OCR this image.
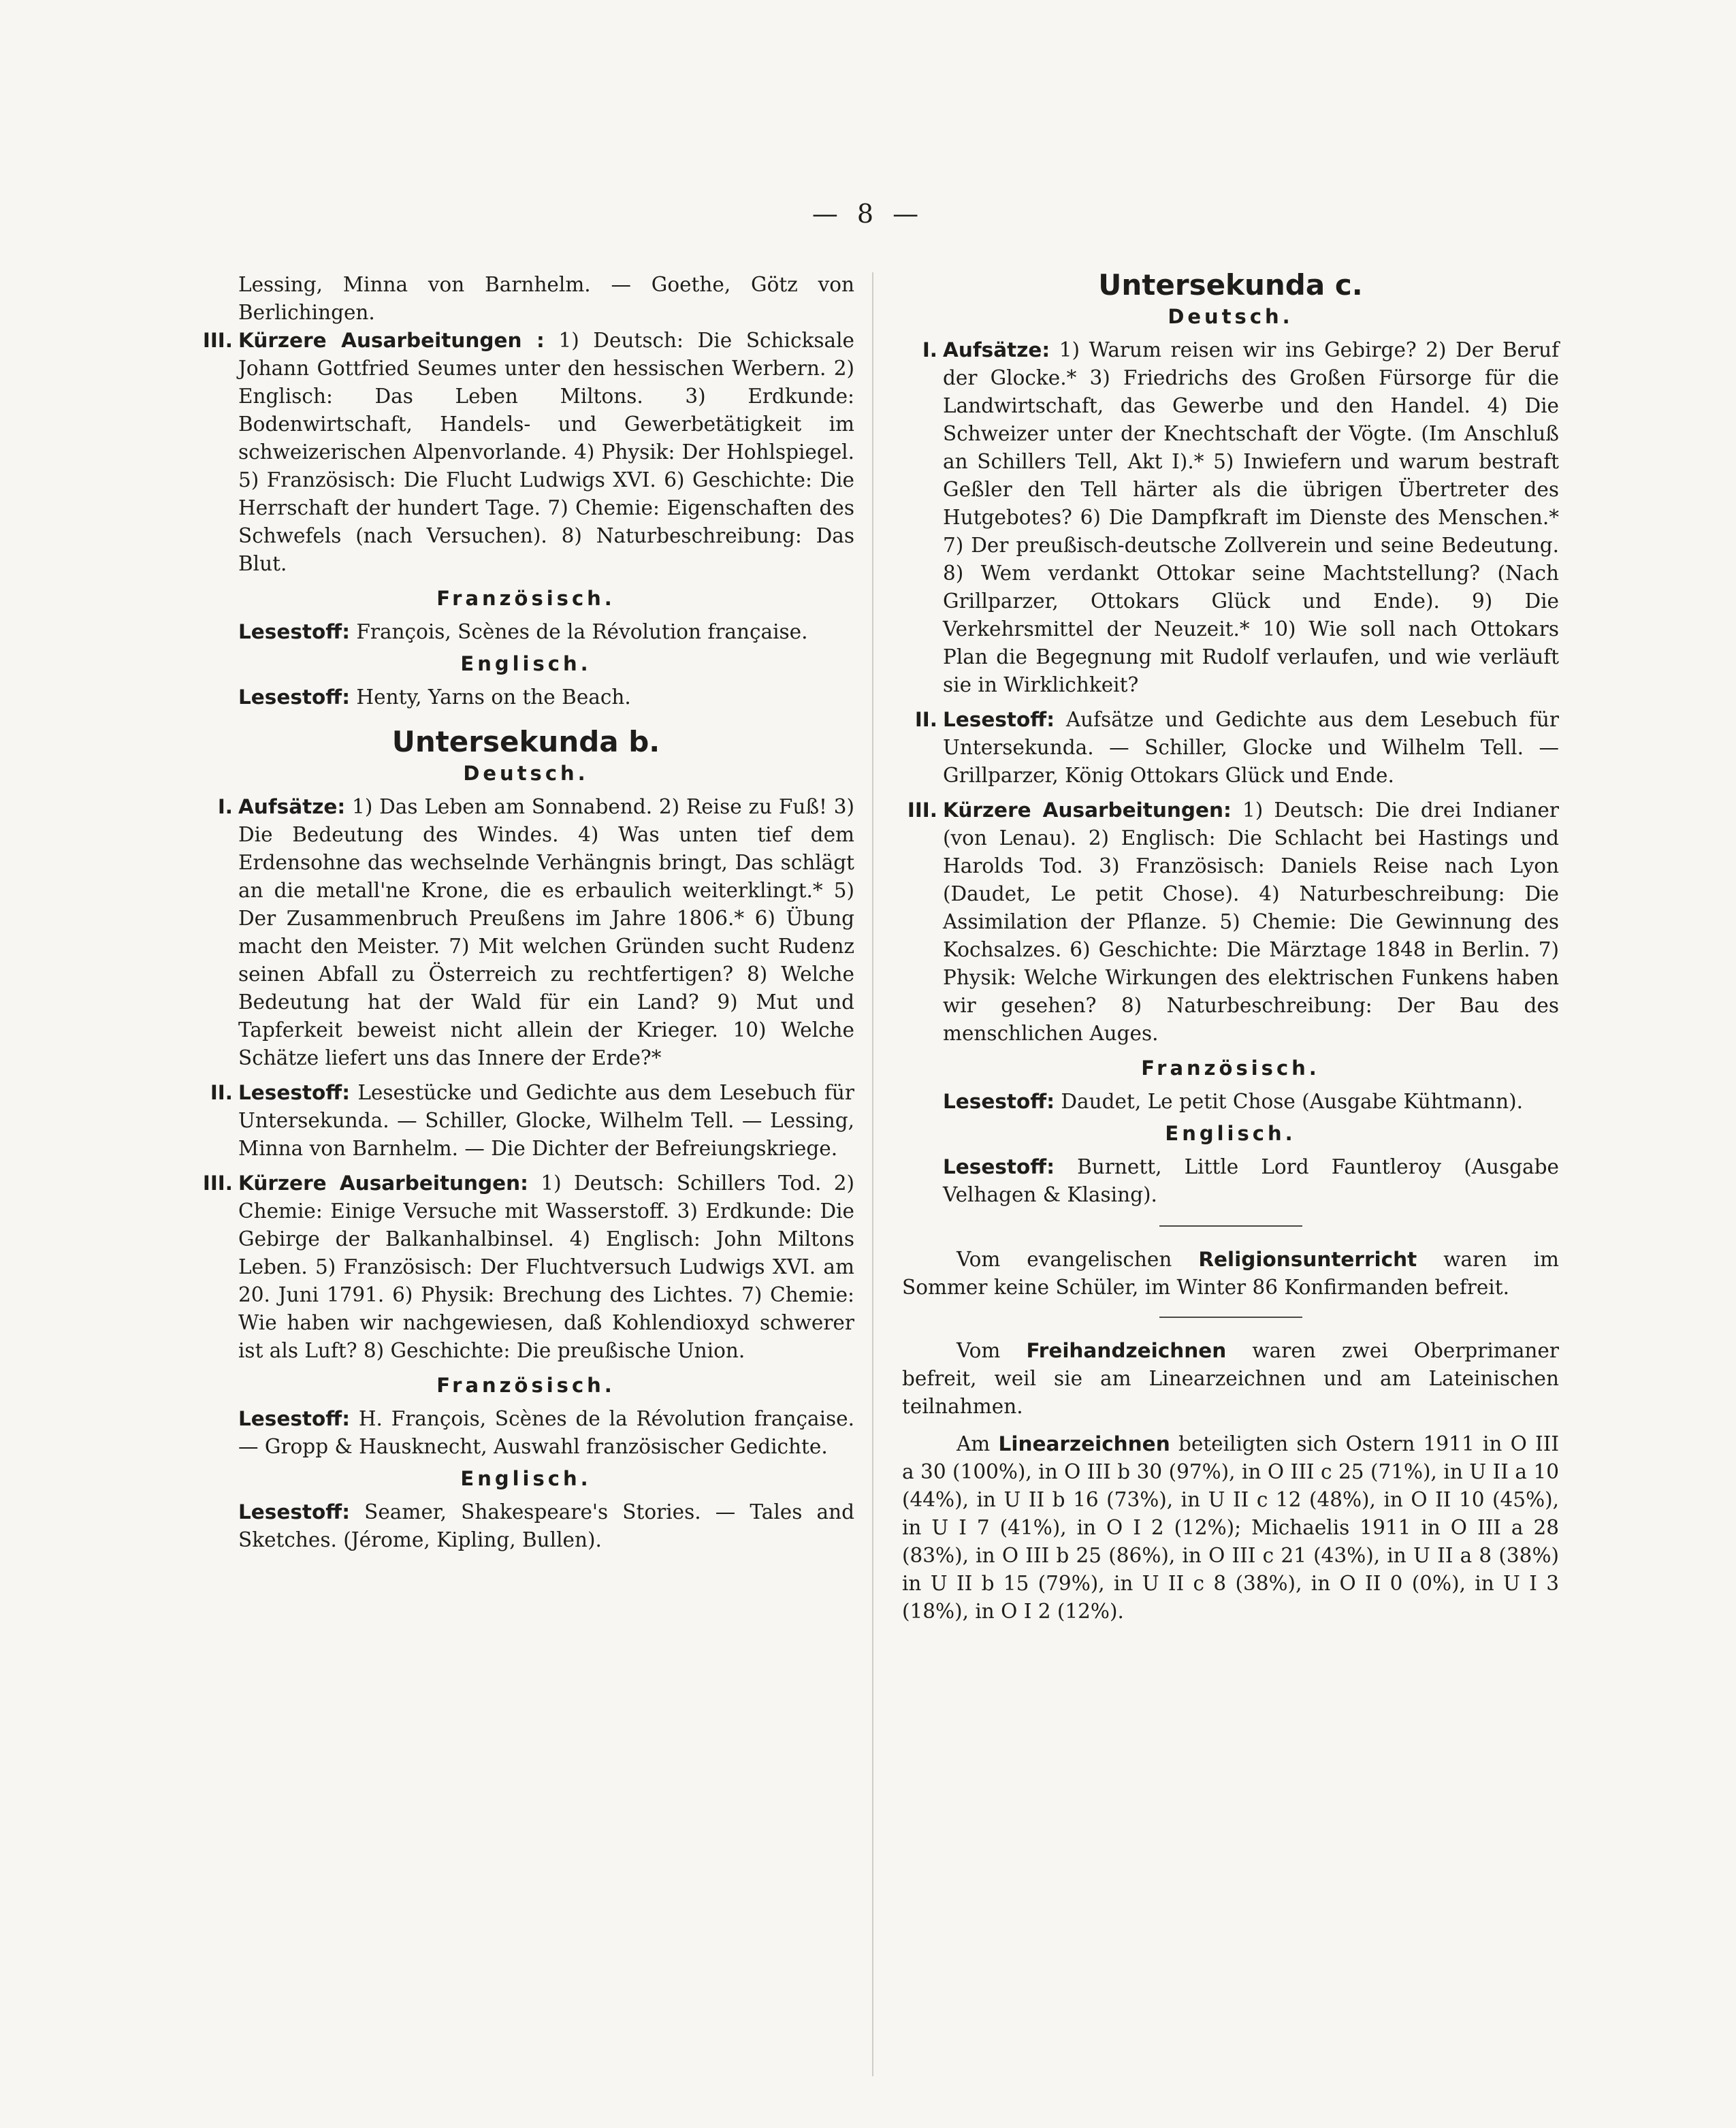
— 8 —

Lessing, Minna von Barnhelm. — Goethe, Götz von Berlichingen.

III. Kürzere Ausarbeitungen : 1) Deutsch: Die Schicksale Johann Gottfried Seumes unter den hessischen Werbern. 2) Englisch: Das Leben Miltons. 3) Erdkunde: Bodenwirtschaft, Handels- und Gewerbetätigkeit im schweizerischen Alpenvorlande. 4) Physik: Der Hohlspiegel. 5) Französisch: Die Flucht Ludwigs XVI. 6) Geschichte: Die Herrschaft der hundert Tage. 7) Chemie: Eigenschaften des Schwefels (nach Versuchen). 8) Naturbeschreibung: Das Blut.

Französisch.

Lesestoff: François, Scènes de la Révolution française.

Englisch.

Lesestoff: Henty, Yarns on the Beach.

Untersekunda b.
Deutsch.
I. Aufsätze: 1) Das Leben am Sonnabend. 2) Reise zu Fuß! 3) Die Bedeutung des Windes. 4) Was unten tief dem Erdensohne das wechselnde Verhängnis bringt, Das schlägt an die metall'ne Krone, die es erbaulich weiterklingt.* 5) Der Zusammenbruch Preußens im Jahre 1806.* 6) Übung macht den Meister. 7) Mit welchen Gründen sucht Rudenz seinen Abfall zu Österreich zu rechtfertigen? 8) Welche Bedeutung hat der Wald für ein Land? 9) Mut und Tapferkeit beweist nicht allein der Krieger. 10) Welche Schätze liefert uns das Innere der Erde?*

II. Lesestoff: Lesestücke und Gedichte aus dem Lesebuch für Untersekunda. — Schiller, Glocke, Wilhelm Tell. — Lessing, Minna von Barnhelm. — Die Dichter der Befreiungskriege.

III. Kürzere Ausarbeitungen: 1) Deutsch: Schillers Tod. 2) Chemie: Einige Versuche mit Wasserstoff. 3) Erdkunde: Die Gebirge der Balkanhalbinsel. 4) Englisch: John Miltons Leben. 5) Französisch: Der Fluchtversuch Ludwigs XVI. am 20. Juni 1791. 6) Physik: Brechung des Lichtes. 7) Chemie: Wie haben wir nachgewiesen, daß Kohlendioxyd schwerer ist als Luft? 8) Geschichte: Die preußische Union.

Französisch.

Lesestoff: H. François, Scènes de la Révolution française. — Gropp & Hausknecht, Auswahl französischer Gedichte.

Englisch.

Lesestoff: Seamer, Shakespeare's Stories. — Tales and Sketches. (Jérome, Kipling, Bullen).

Untersekunda c.
Deutsch.
I. Aufsätze: 1) Warum reisen wir ins Gebirge? 2) Der Beruf der Glocke.* 3) Friedrichs des Großen Fürsorge für die Landwirtschaft, das Gewerbe und den Handel. 4) Die Schweizer unter der Knechtschaft der Vögte. (Im Anschluß an Schillers Tell, Akt I).* 5) Inwiefern und warum bestraft Geßler den Tell härter als die übrigen Übertreter des Hutgebotes? 6) Die Dampfkraft im Dienste des Menschen.* 7) Der preußisch-deutsche Zollverein und seine Bedeutung. 8) Wem verdankt Ottokar seine Machtstellung? (Nach Grillparzer, Ottokars Glück und Ende). 9) Die Verkehrsmittel der Neuzeit.* 10) Wie soll nach Ottokars Plan die Begegnung mit Rudolf verlaufen, und wie verläuft sie in Wirklichkeit?

II. Lesestoff: Aufsätze und Gedichte aus dem Lesebuch für Untersekunda. — Schiller, Glocke und Wilhelm Tell. — Grillparzer, König Ottokars Glück und Ende.

III. Kürzere Ausarbeitungen: 1) Deutsch: Die drei Indianer (von Lenau). 2) Englisch: Die Schlacht bei Hastings und Harolds Tod. 3) Französisch: Daniels Reise nach Lyon (Daudet, Le petit Chose). 4) Naturbeschreibung: Die Assimilation der Pflanze. 5) Chemie: Die Gewinnung des Kochsalzes. 6) Geschichte: Die Märztage 1848 in Berlin. 7) Physik: Welche Wirkungen des elektrischen Funkens haben wir gesehen? 8) Naturbeschreibung: Der Bau des menschlichen Auges.

Französisch.

Lesestoff: Daudet, Le petit Chose (Ausgabe Kühtmann).

Englisch.

Lesestoff: Burnett, Little Lord Fauntleroy (Ausgabe Velhagen & Klasing).

Vom evangelischen Religionsunterricht waren im Sommer keine Schüler, im Winter 86 Konfirmanden befreit.

Vom Freihandzeichnen waren zwei Oberprimaner befreit, weil sie am Linearzeichnen und am Lateinischen teilnahmen.

Am Linearzeichnen beteiligten sich Ostern 1911 in O III a 30 (100%), in O III b 30 (97%), in O III c 25 (71%), in U II a 10 (44%), in U II b 16 (73%), in U II c 12 (48%), in O II 10 (45%), in U I 7 (41%), in O I 2 (12%); Michaelis 1911 in O III a 28 (83%), in O III b 25 (86%), in O III c 21 (43%), in U II a 8 (38%) in U II b 15 (79%), in U II c 8 (38%), in O II 0 (0%), in U I 3 (18%), in O I 2 (12%).
